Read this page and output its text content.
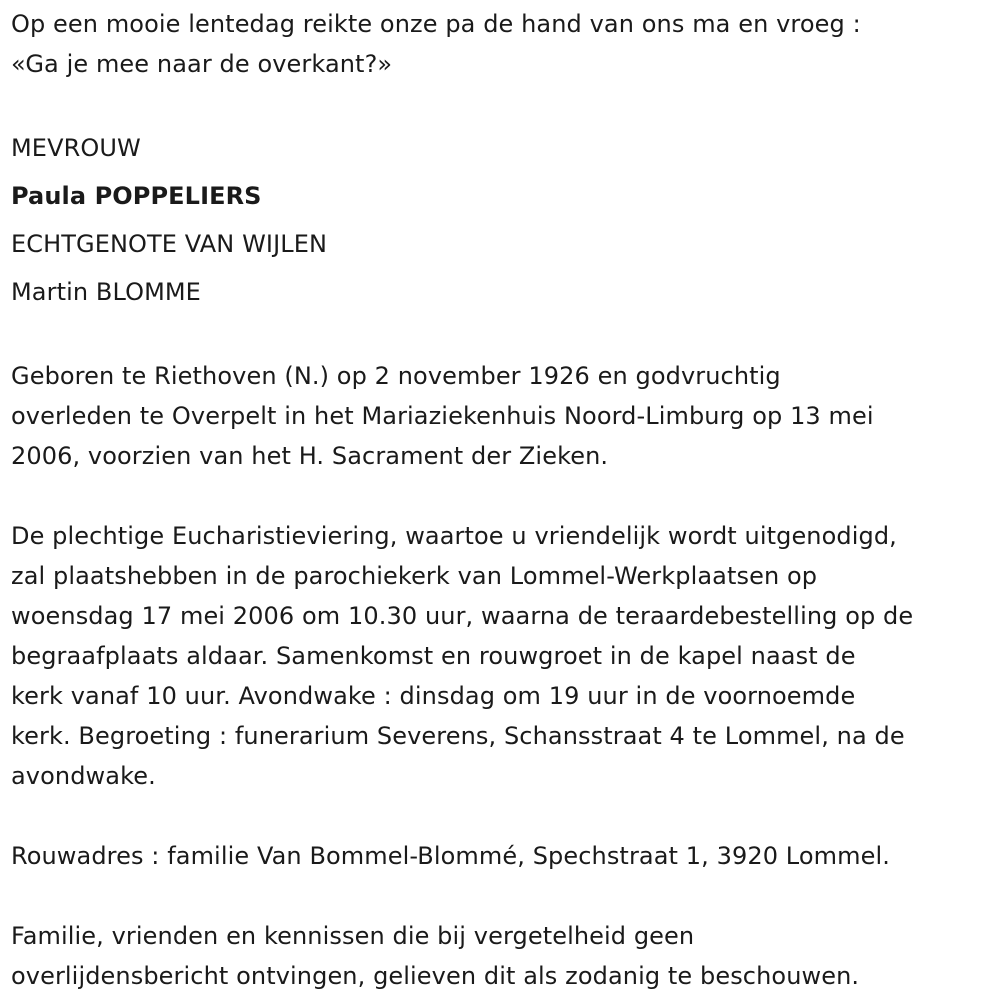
Op een mooie lentedag reikte onze pa de hand van ons ma en vroeg :
«Ga je mee naar de overkant?»
MEVROUW
Paula POPPELIERS
ECHTGENOTE VAN WIJLEN
Martin BLOMME
Geboren te Riethoven (N.) op 2 november 1926 en godvruchtig
overleden te Overpelt in het Mariaziekenhuis Noord-Limburg op 13 mei
2006, voorzien van het H. Sacrament der Zieken.
De plechtige Eucharistieviering, waartoe u vriendelijk wordt uitgenodigd,
zal plaatshebben in de parochiekerk van Lommel-Werkplaatsen op
woensdag 17 mei 2006 om 10.30 uur, waarna de teraardebestelling op de
begraafplaats aldaar. Samenkomst en rouwgroet in de kapel naast de
kerk vanaf 10 uur. Avondwake : dinsdag om 19 uur in de voornoemde
kerk. Begroeting : funerarium Severens, Schansstraat 4 te Lommel, na de
avondwake.
Rouwadres : familie Van Bommel-Blommé, Spechstraat 1, 3920 Lommel.
Familie, vrienden en kennissen die bij vergetelheid geen
overlijdensbericht ontvingen, gelieven dit als zodanig te beschouwen.
